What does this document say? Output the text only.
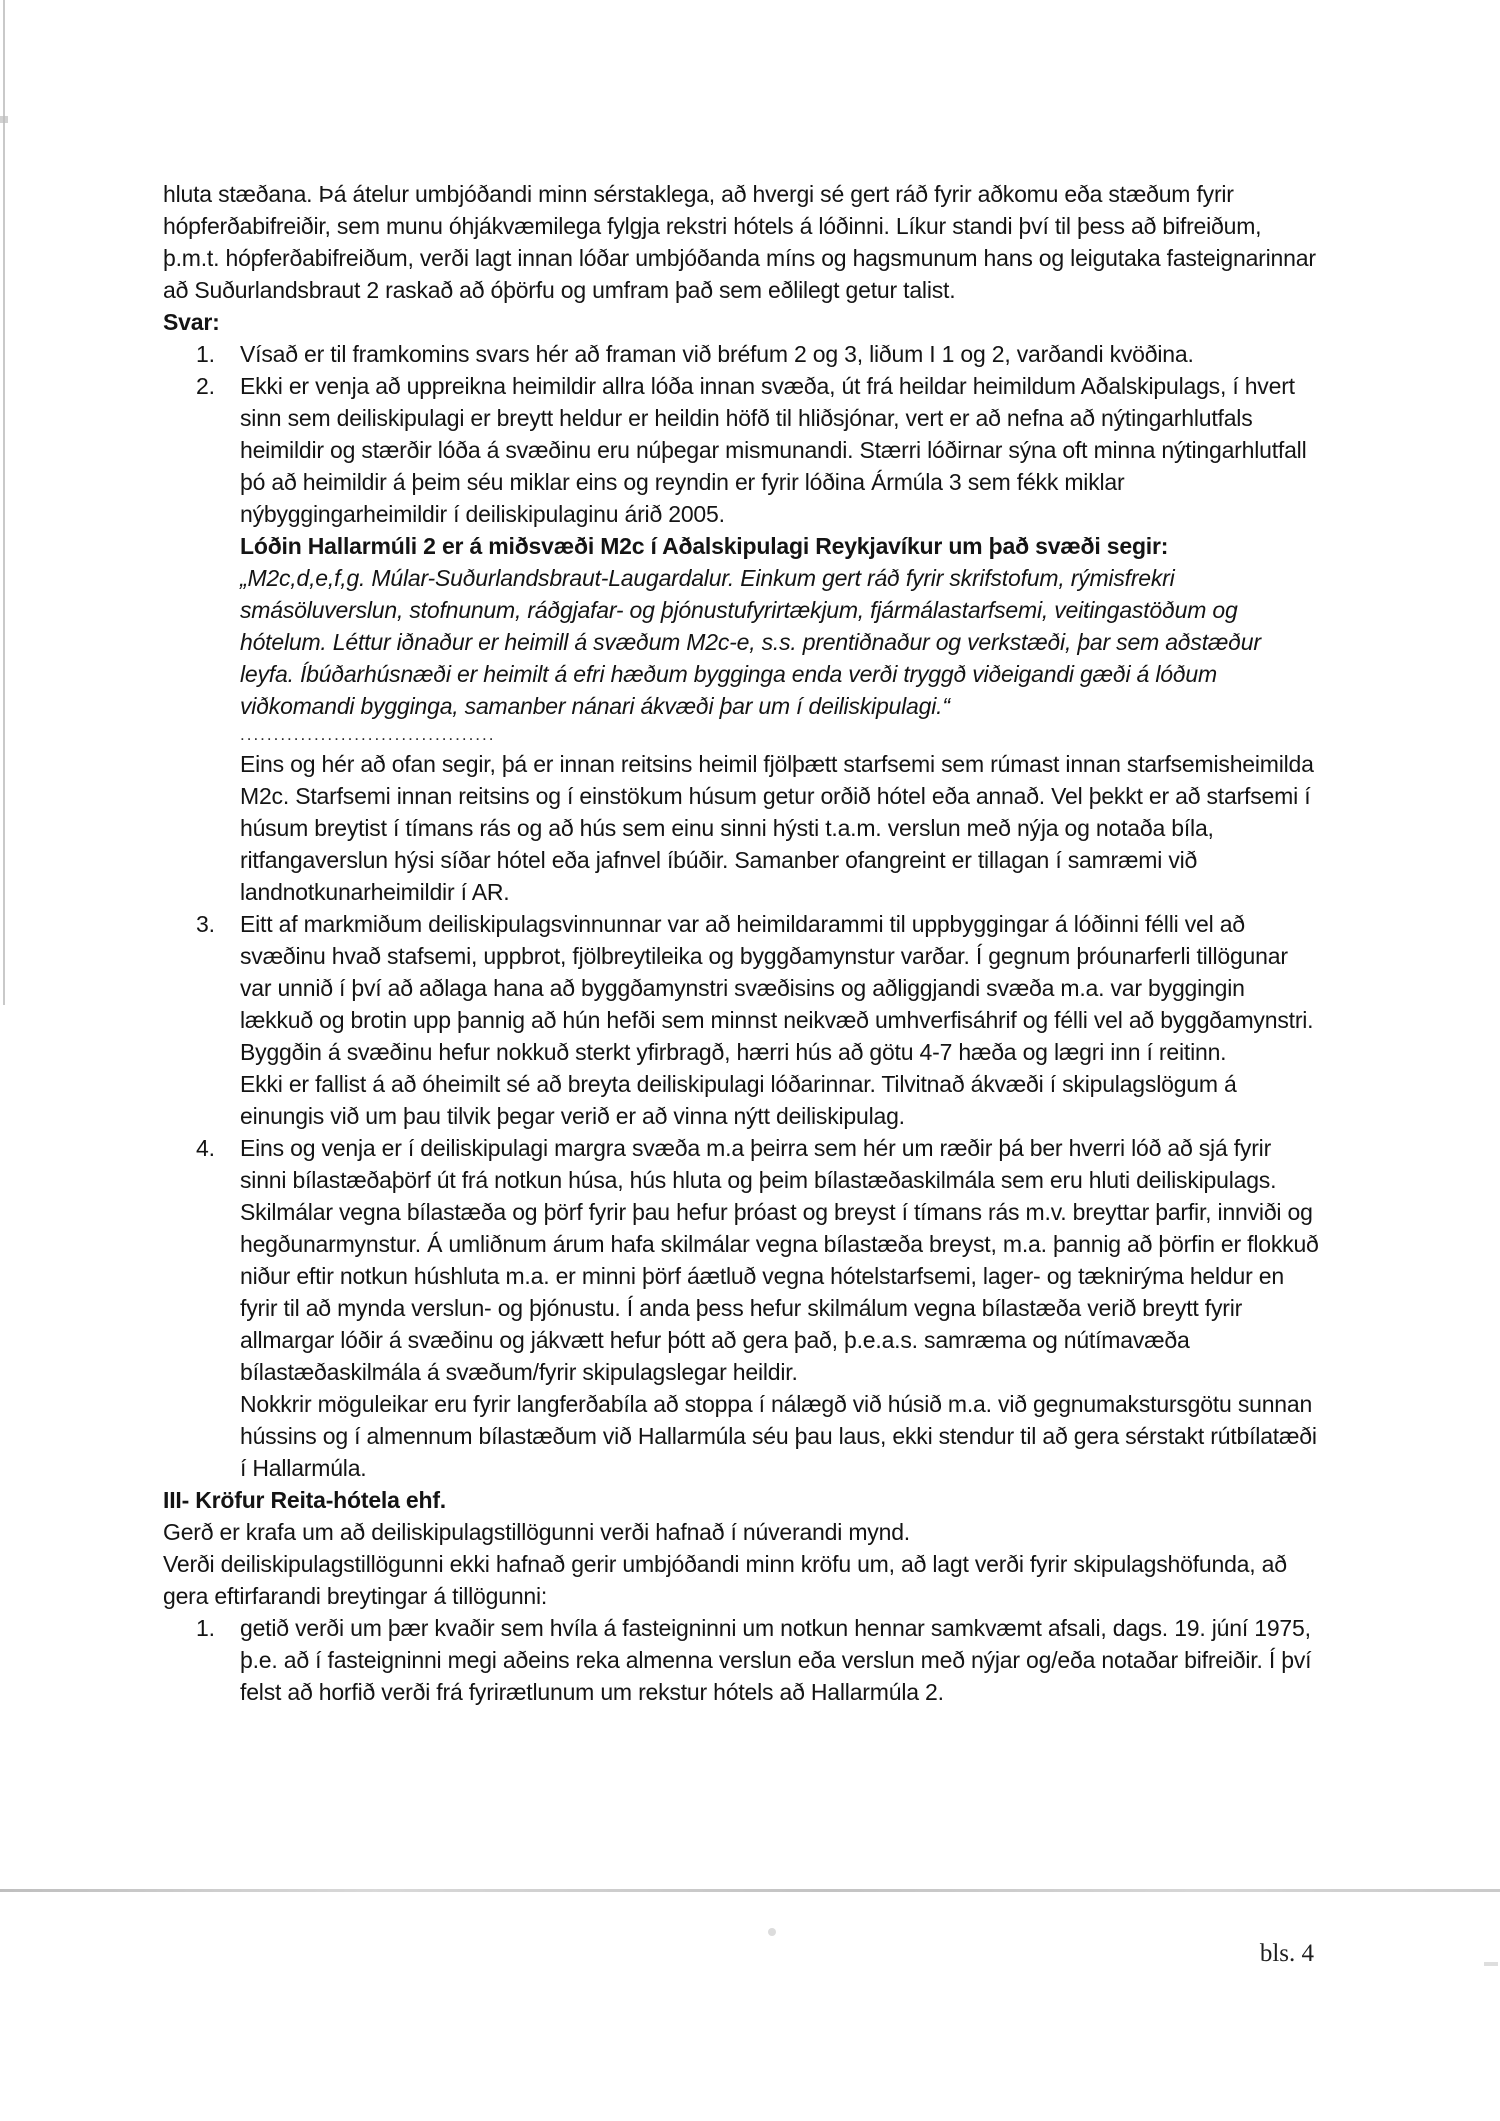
hluta stæðana. Þá átelur umbjóðandi minn sérstaklega, að hvergi sé gert ráð fyrir aðkomu eða stæðum fyrir hópferðabifreiðir, sem munu óhjákvæmilega fylgja rekstri hótels á lóðinni. Líkur standi því til þess að bifreiðum, þ.m.t. hópferðabifreiðum, verði lagt innan lóðar umbjóðanda míns og hagsmunum hans og leigutaka fasteignarinnar að Suðurlandsbraut 2 raskað að óþörfu og umfram það sem eðlilegt getur talist.

Svar:

1.	Vísað er til framkomins svars hér að framan við bréfum 2 og 3, liðum I 1 og 2, varðandi kvöðina.
2.	Ekki er venja að uppreikna heimildir allra lóða innan svæða, út frá heildar heimildum Aðalskipulags, í hvert sinn sem deiliskipulagi er breytt heldur er heildin höfð til hliðsjónar, vert er að nefna að nýtingarhlutfals heimildir og stærðir lóða á svæðinu eru núþegar mismunandi. Stærri lóðirnar sýna oft minna nýtingarhlutfall þó að heimildir á þeim séu miklar eins og reyndin er fyrir lóðina Ármúla 3 sem fékk miklar nýbyggingarheimildir í deiliskipulaginu árið 2005.
Lóðin Hallarmúli 2 er á miðsvæði M2c í Aðalskipulagi Reykjavíkur um það svæði segir:
„M2c,d,e,f,g. Múlar-Suðurlandsbraut-Laugardalur. Einkum gert ráð fyrir skrifstofum, rýmisfrekri smásöluverslun, stofnunum, ráðgjafar- og þjónustufyrirtækjum, fjármálastarfsemi, veitingastöðum og hótelum. Léttur iðnaður er heimill á svæðum M2c-e, s.s. prentiðnaður og verkstæði, þar sem aðstæður leyfa. Íbúðarhúsnæði er heimilt á efri hæðum bygginga enda verði tryggð viðeigandi gæði á lóðum viðkomandi bygginga, samanber nánari ákvæði þar um í deiliskipulagi.“
......................................
Eins og hér að ofan segir, þá er innan reitsins heimil fjölþætt starfsemi sem rúmast innan starfsemisheimilda M2c. Starfsemi innan reitsins og í einstökum húsum getur orðið hótel eða annað. Vel þekkt er að starfsemi í húsum breytist í tímans rás og að hús sem einu sinni hýsti t.a.m. verslun með nýja og notaða bíla, ritfangaverslun hýsi síðar hótel eða jafnvel íbúðir. Samanber ofangreint er tillagan í samræmi við landnotkunarheimildir í AR.
3.	Eitt af markmiðum deiliskipulagsvinnunnar var að heimildarammi til uppbyggingar á lóðinni félli vel að svæðinu hvað stafsemi, uppbrot, fjölbreytileika og byggðamynstur varðar. Í gegnum þróunarferli tillögunar var unnið í því að aðlaga hana að byggðamynstri svæðisins og aðliggjandi svæða m.a. var byggingin lækkuð og brotin upp þannig að hún hefði sem minnst neikvæð umhverfisáhrif og félli vel að byggðamynstri. Byggðin á svæðinu hefur nokkuð sterkt yfirbragð, hærri hús að götu 4-7 hæða og lægri inn í reitinn.
Ekki er fallist á að óheimilt sé að breyta deiliskipulagi lóðarinnar. Tilvitnað ákvæði í skipulagslögum á einungis við um þau tilvik þegar verið er að vinna nýtt deiliskipulag.
4.	Eins og venja er í deiliskipulagi margra svæða m.a þeirra sem hér um ræðir þá ber hverri lóð að sjá fyrir sinni bílastæðaþörf út frá notkun húsa, hús hluta og þeim bílastæðaskilmála sem eru hluti deiliskipulags. Skilmálar vegna bílastæða og þörf fyrir þau hefur þróast og breyst í tímans rás m.v. breyttar þarfir, innviði og hegðunarmynstur. Á umliðnum árum hafa skilmálar vegna bílastæða breyst, m.a. þannig að þörfin er flokkuð niður eftir notkun húshluta m.a. er minni þörf áætluð vegna hótelstarfsemi, lager- og tæknirýma heldur en fyrir til að mynda verslun- og þjónustu. Í anda þess hefur skilmálum vegna bílastæða verið breytt fyrir allmargar lóðir á svæðinu og jákvætt hefur þótt að gera það, þ.e.a.s. samræma og nútímavæða bílastæðaskilmála á svæðum/fyrir skipulagslegar heildir.
Nokkrir möguleikar eru fyrir langferðabíla að stoppa í nálægð við húsið m.a. við gegnumakstursgötu sunnan hússins og í almennum bílastæðum við Hallarmúla séu þau laus, ekki stendur til að gera sérstakt rútbílatæði í Hallarmúla.

III- Kröfur Reita-hótela ehf.

Gerð er krafa um að deiliskipulagstillögunni verði hafnað í núverandi mynd.

Verði deiliskipulagstillögunni ekki hafnað gerir umbjóðandi minn kröfu um, að lagt verði fyrir skipulagshöfunda, að gera eftirfarandi breytingar á tillögunni:

1.	getið verði um þær kvaðir sem hvíla á fasteigninni um notkun hennar samkvæmt afsali, dags. 19. júní 1975, þ.e. að í fasteigninni megi aðeins reka almenna verslun eða verslun með nýjar og/eða notaðar bifreiðir. Í því felst að horfið verði frá fyrirætlunum um rekstur hótels að Hallarmúla 2.
bls. 4
